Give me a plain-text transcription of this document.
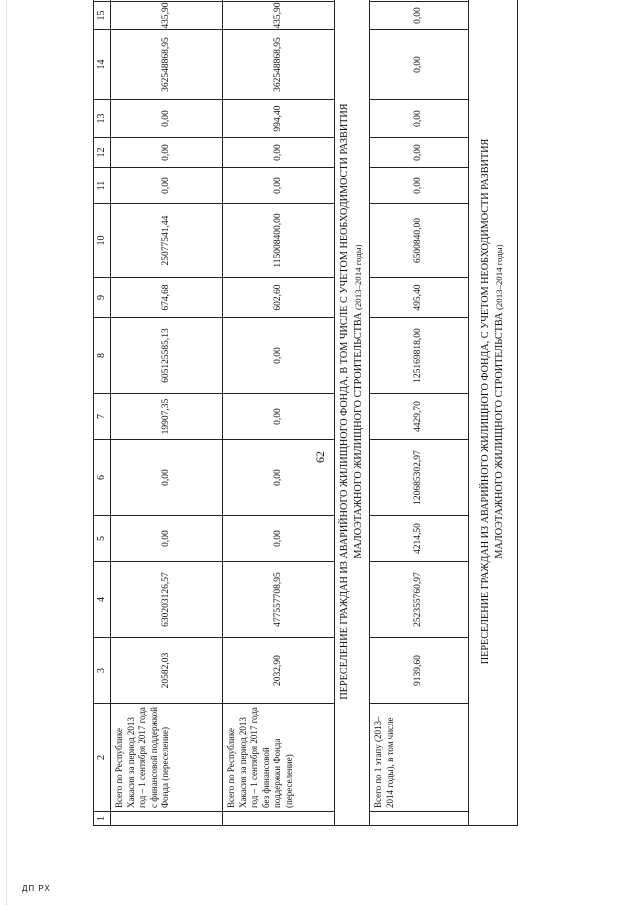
62
1	2	3	4	5	6	7	8	9	10	11	12	13	14	15	
	Всего по Республике Хакасия за период 2013 год – 1 сентября 2017 года с финансовой поддержкой Фонда (переселение)	20582,03	630203126,57	0,00	0,00	19907,35	605125585,13	674,68	25077541,44	0,00	0,00	0,00	362548868,95	435,90	
	Всего по Республике Хакасия за период 2013 год – 1 сентября 2017 года без финансовой поддержки Фонда (переселение)	2032,90	477557708,95	0,00	0,00	0,00	0,00	602,60	115008400,00	0,00	0,00	994,40	362548868,95	435,90	
ПЕРЕСЕЛЕНИЕ ГРАЖДАН ИЗ АВАРИЙНОГО ЖИЛИЩНОГО ФОНДА, В ТОМ ЧИСЛЕ С УЧЕТОМ НЕОБХОДИМОСТИ РАЗВИТИЯ МАЛОЭТАЖНОГО ЖИЛИЩНОГО СТРОИТЕЛЬСТВА (2013–2014 годы)															
	Всего по 1 этапу (2013–2014 годы), в том числе	9139,60	252355760,97	4214,50	120685302,97	4429,70	125169818,00	495,40	6500840,00	0,00	0,00	0,00	0,00	0,00	
ПЕРЕСЕЛЕНИЕ ГРАЖДАН ИЗ АВАРИЙНОГО ЖИЛИЩНОГО ФОНДА, С УЧЕТОМ НЕОБХОДИМОСТИ РАЗВИТИЯ МАЛОЭТАЖНОГО ЖИЛИЩНОГО СТРОИТЕЛЬСТВА (2013–2014 годы)															
ДП РХ
